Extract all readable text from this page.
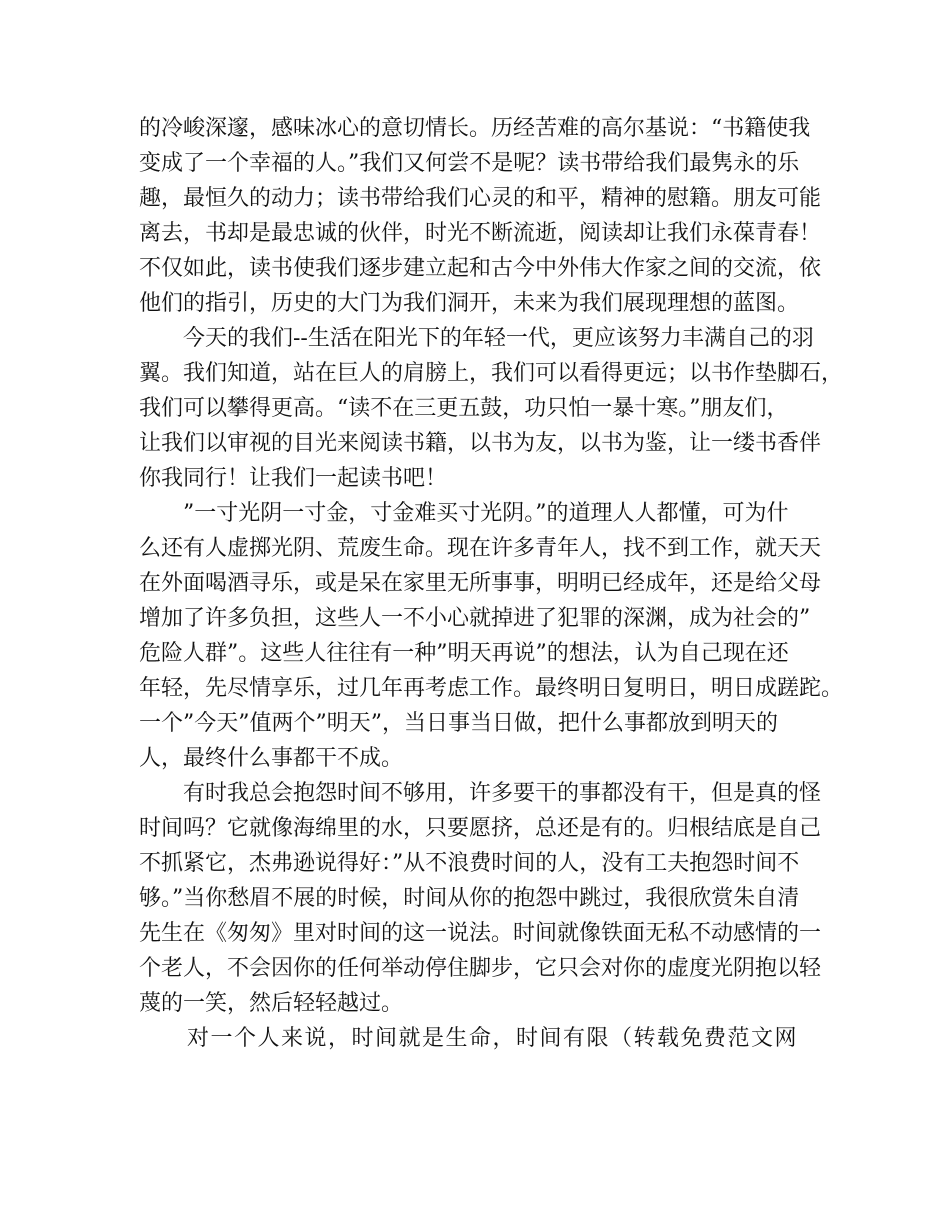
的冷峻深邃，感味冰心的意切情长。历经苦难的高尔基说：“书籍使我

变成了一个幸福的人。”我们又何尝不是呢？读书带给我们最隽永的乐

趣，最恒久的动力；读书带给我们心灵的和平，精神的慰籍。朋友可能

离去，书却是最忠诚的伙伴，时光不断流逝，阅读却让我们永葆青春！

不仅如此，读书使我们逐步建立起和古今中外伟大作家之间的交流，依

他们的指引，历史的大门为我们洞开，未来为我们展现理想的蓝图。

今天的我们--生活在阳光下的年轻一代，更应该努力丰满自己的羽

翼。我们知道，站在巨人的肩膀上，我们可以看得更远；以书作垫脚石，

我们可以攀得更高。“读不在三更五鼓，功只怕一暴十寒。”朋友们，

让我们以审视的目光来阅读书籍，以书为友，以书为鉴，让一缕书香伴

你我同行！让我们一起读书吧！

”一寸光阴一寸金，寸金难买寸光阴。”的道理人人都懂，可为什

么还有人虚掷光阴、荒废生命。现在许多青年人，找不到工作，就天天

在外面喝酒寻乐，或是呆在家里无所事事，明明已经成年，还是给父母

增加了许多负担，这些人一不小心就掉进了犯罪的深渊，成为社会的”

危险人群”。这些人往往有一种”明天再说”的想法，认为自己现在还

年轻，先尽情享乐，过几年再考虑工作。最终明日复明日，明日成蹉跎。

一个”今天”值两个”明天”，当日事当日做，把什么事都放到明天的

人，最终什么事都干不成。

有时我总会抱怨时间不够用，许多要干的事都没有干，但是真的怪

时间吗？它就像海绵里的水，只要愿挤，总还是有的。归根结底是自己

不抓紧它，杰弗逊说得好：”从不浪费时间的人，没有工夫抱怨时间不

够。”当你愁眉不展的时候，时间从你的抱怨中跳过，我很欣赏朱自清

先生在《匆匆》里对时间的这一说法。时间就像铁面无私不动感情的一

个老人，不会因你的任何举动停住脚步，它只会对你的虚度光阴抱以轻

蔑的一笑，然后轻轻越过。

对一个人来说，时间就是生命，时间有限（转载免费范文网
